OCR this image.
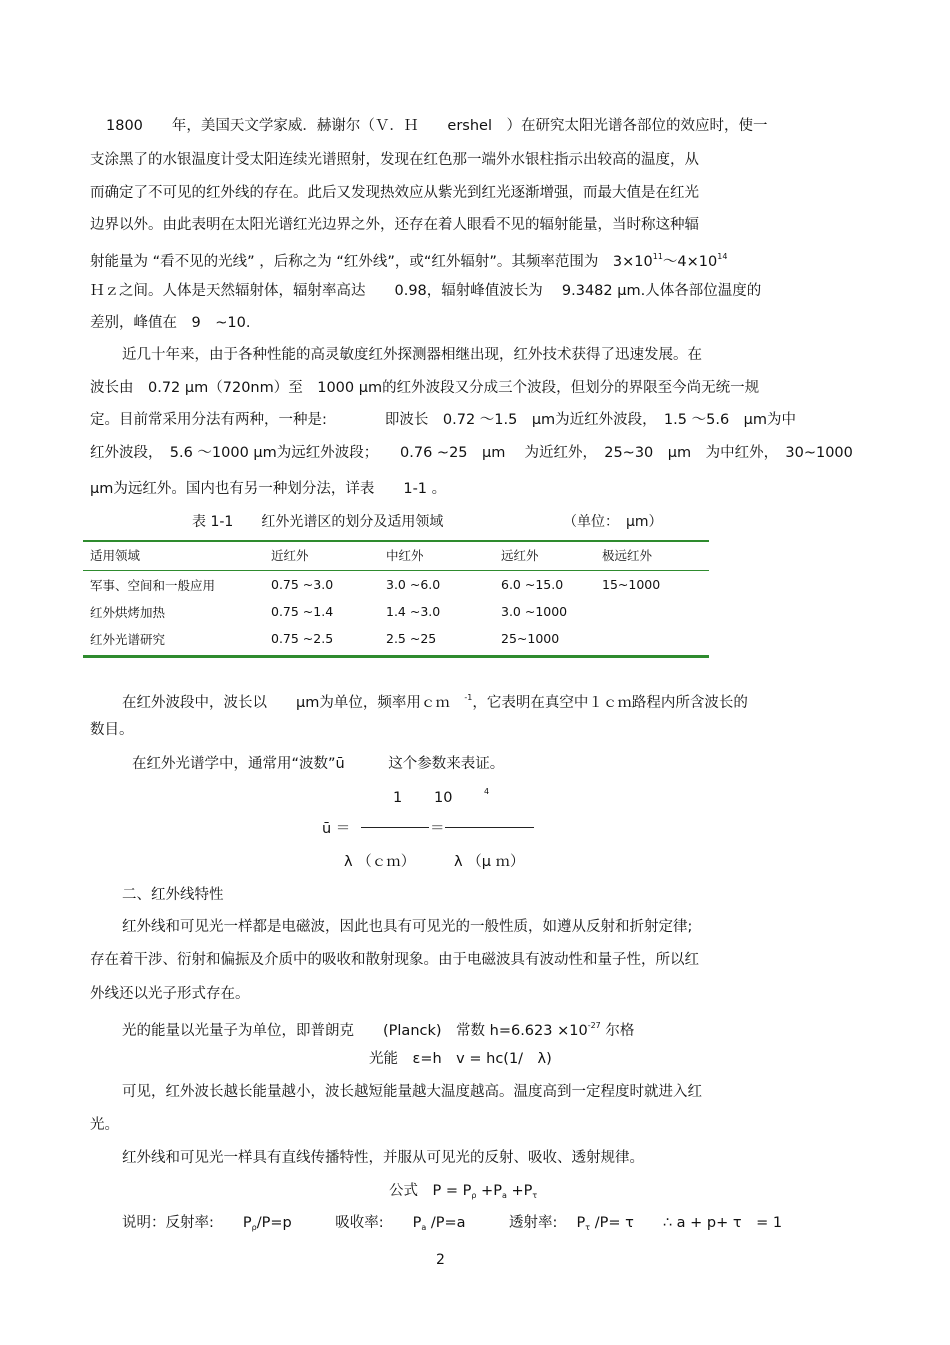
1800　　年，美国天文学家威．赫谢尔（Ｖ．Ｈ　　ershel　）在研究太阳光谱各部位的效应时，使一
支涂黑了的水银温度计受太阳连续光谱照射，发现在红色那一端外水银柱指示出较高的温度，从
而确定了不可见的红外线的存在。此后又发现热效应从紫光到红光逐渐增强，而最大值是在红光
边界以外。由此表明在太阳光谱红光边界之外，还存在着人眼看不见的辐射能量，当时称这种辐
射能量为 “看不见的光线” ，后称之为 “红外线”，或“红外辐射”。其频率范围为　$3\times 10^{11}\sim 4\times 10^{14}$
Ｈｚ之间。人体是天然辐射体，辐射率高达　　0.98，辐射峰值波长为　 9.3482 μm.人体各部位温度的
差别，峰值在　9　~10.
近几十年来，由于各种性能的高灵敏度红外探测器相继出现，红外技术获得了迅速发展。在
波长由　0.72 μm（720nm）至　1000 μm的红外波段又分成三个波段，但划分的界限至今尚无统一规
定。目前常采用分法有两种，一种是:　　　　即波长　0.72 ～1.5　μm为近红外波段，　1.5 ～5.6　μm为中
红外波段，　5.6 ～1000 μm为远红外波段；　　0.76 ~25　μm　 为近红外，　25~30　μm　为中红外，　30~1000
μm为远红外。国内也有另一种划分法，详表　　1-1 。
表 1-1　　红外光谱区的划分及适用领域	（单位：　μm）
适用领域	近红外	中红外	远红外	极远红外
军事、空间和一般应用	0.75 ~3.0	3.0 ~6.0	6.0 ~15.0	15~1000
红外烘烤加热	0.75 ~1.4	1.4 ~3.0	3.0 ~1000	
红外光谱研究	0.75 ~2.5	2.5 ~25	25~1000	
在红外波段中，波长以　　μm为单位，频率用ｃｍ　$^{-1}$，它表明在真空中１ｃｍ路程内所含波长的
数目。
在红外光谱学中，通常用“波数”ū　　　这个参数来表证。
1 10	4
ū ＝	＝
λ （ｃｍ）	λ （μ ｍ）
二、红外线特性
红外线和可见光一样都是电磁波，因此也具有可见光的一般性质，如遵从反射和折射定律;
存在着干涉、衍射和偏振及介质中的吸收和散射现象。由于电磁波具有波动性和量子性，所以红
外线还以光子形式存在。
光的能量以光量子为单位，即普朗克　　(Planck)　常数 $h=6.623 \times 10^{-27}$ 尔格
光能　ε=h　v = hc(1/　λ)
可见，红外波长越长能量越小，波长越短能量越大温度越高。温度高到一定程度时就进入红
光。
红外线和可见光一样具有直线传播特性，并服从可见光的反射、吸收、透射规律。
公式　$P = P_\rho +P_a +P_\tau$
说明：反射率:　　$P_\rho/P=p$　　　吸收率:　　$P_a$ /P=a　　　透射率:　 $P_\tau$ /P= τ　　∴ a + p+ τ　= 1
2
